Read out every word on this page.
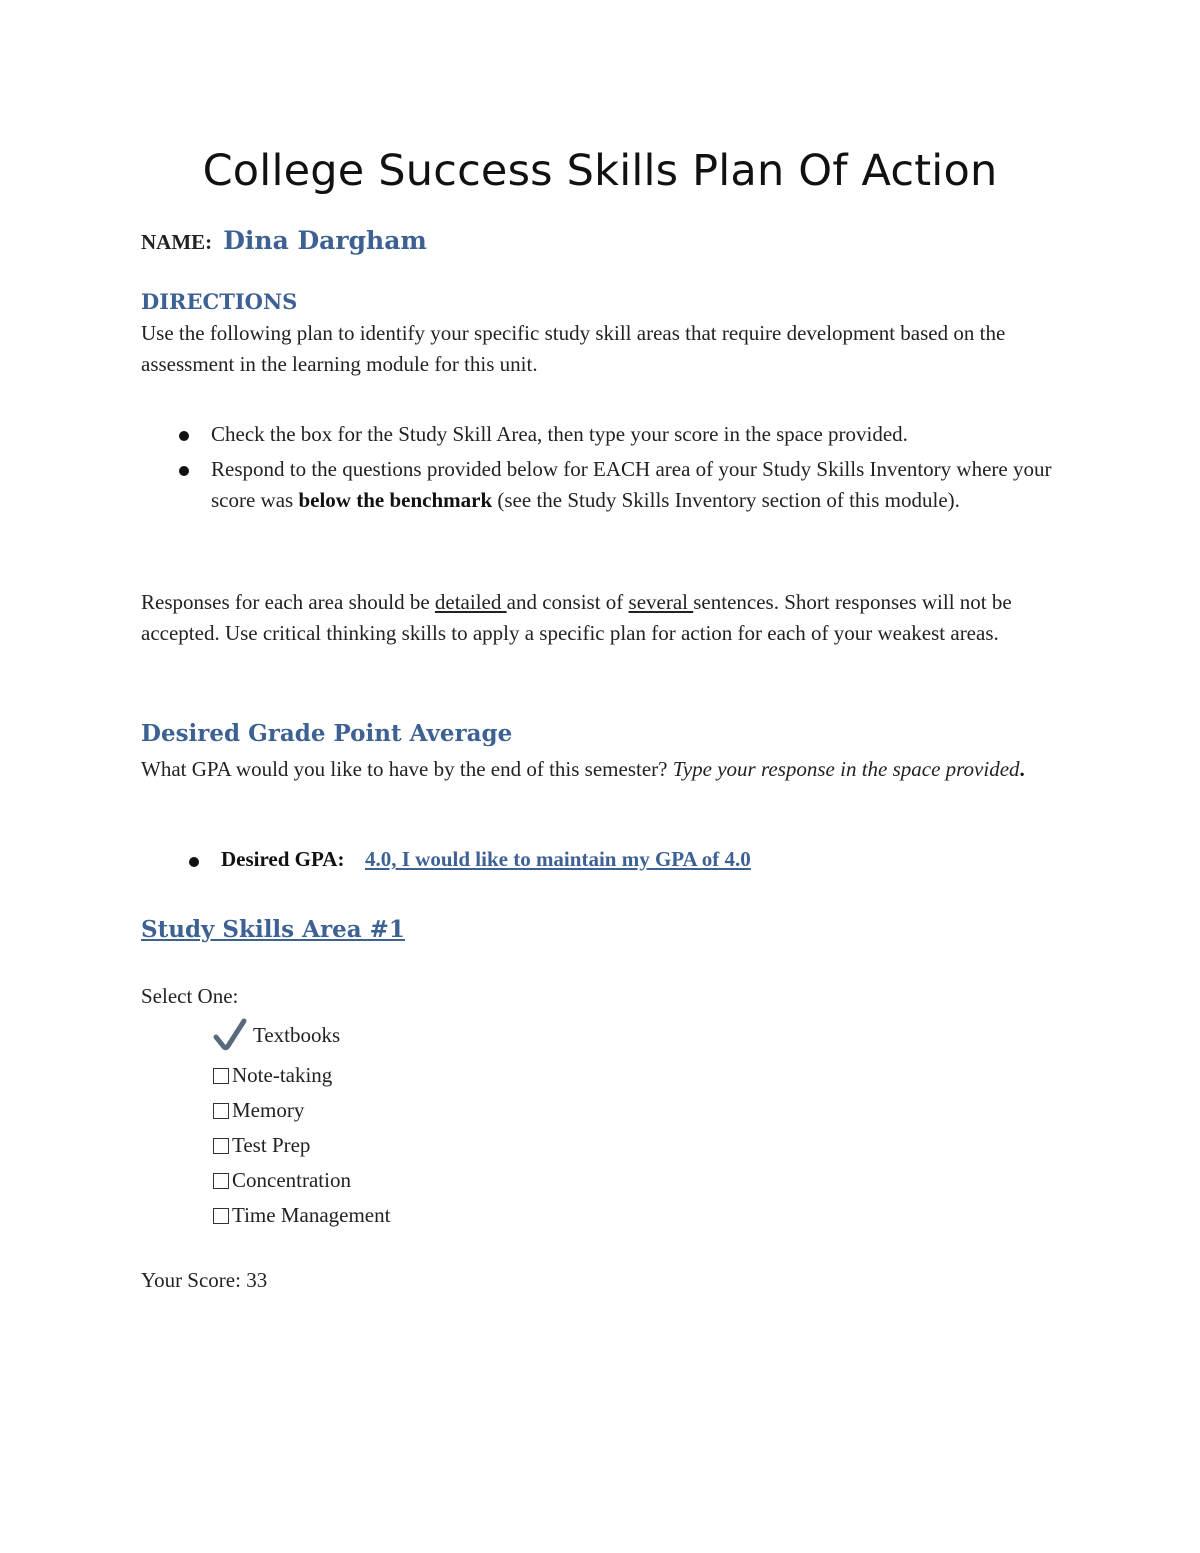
College Success Skills Plan Of Action
NAME: Dina Dargham
DIRECTIONS
Use the following plan to identify your specific study skill areas that require development based on the assessment in the learning module for this unit.
Check the box for the Study Skill Area, then type your score in the space provided.
Respond to the questions provided below for EACH area of your Study Skills Inventory where your score was below the benchmark (see the Study Skills Inventory section of this module).
Responses for each area should be detailed and consist of several sentences. Short responses will not be accepted. Use critical thinking skills to apply a specific plan for action for each of your weakest areas.
Desired Grade Point Average
What GPA would you like to have by the end of this semester? Type your response in the space provided.
Desired GPA: 4.0, I would like to maintain my GPA of 4.0
Study Skills Area #1
Select One:
Textbooks
Note-taking
Memory
Test Prep
Concentration
Time Management
Your Score: 33
